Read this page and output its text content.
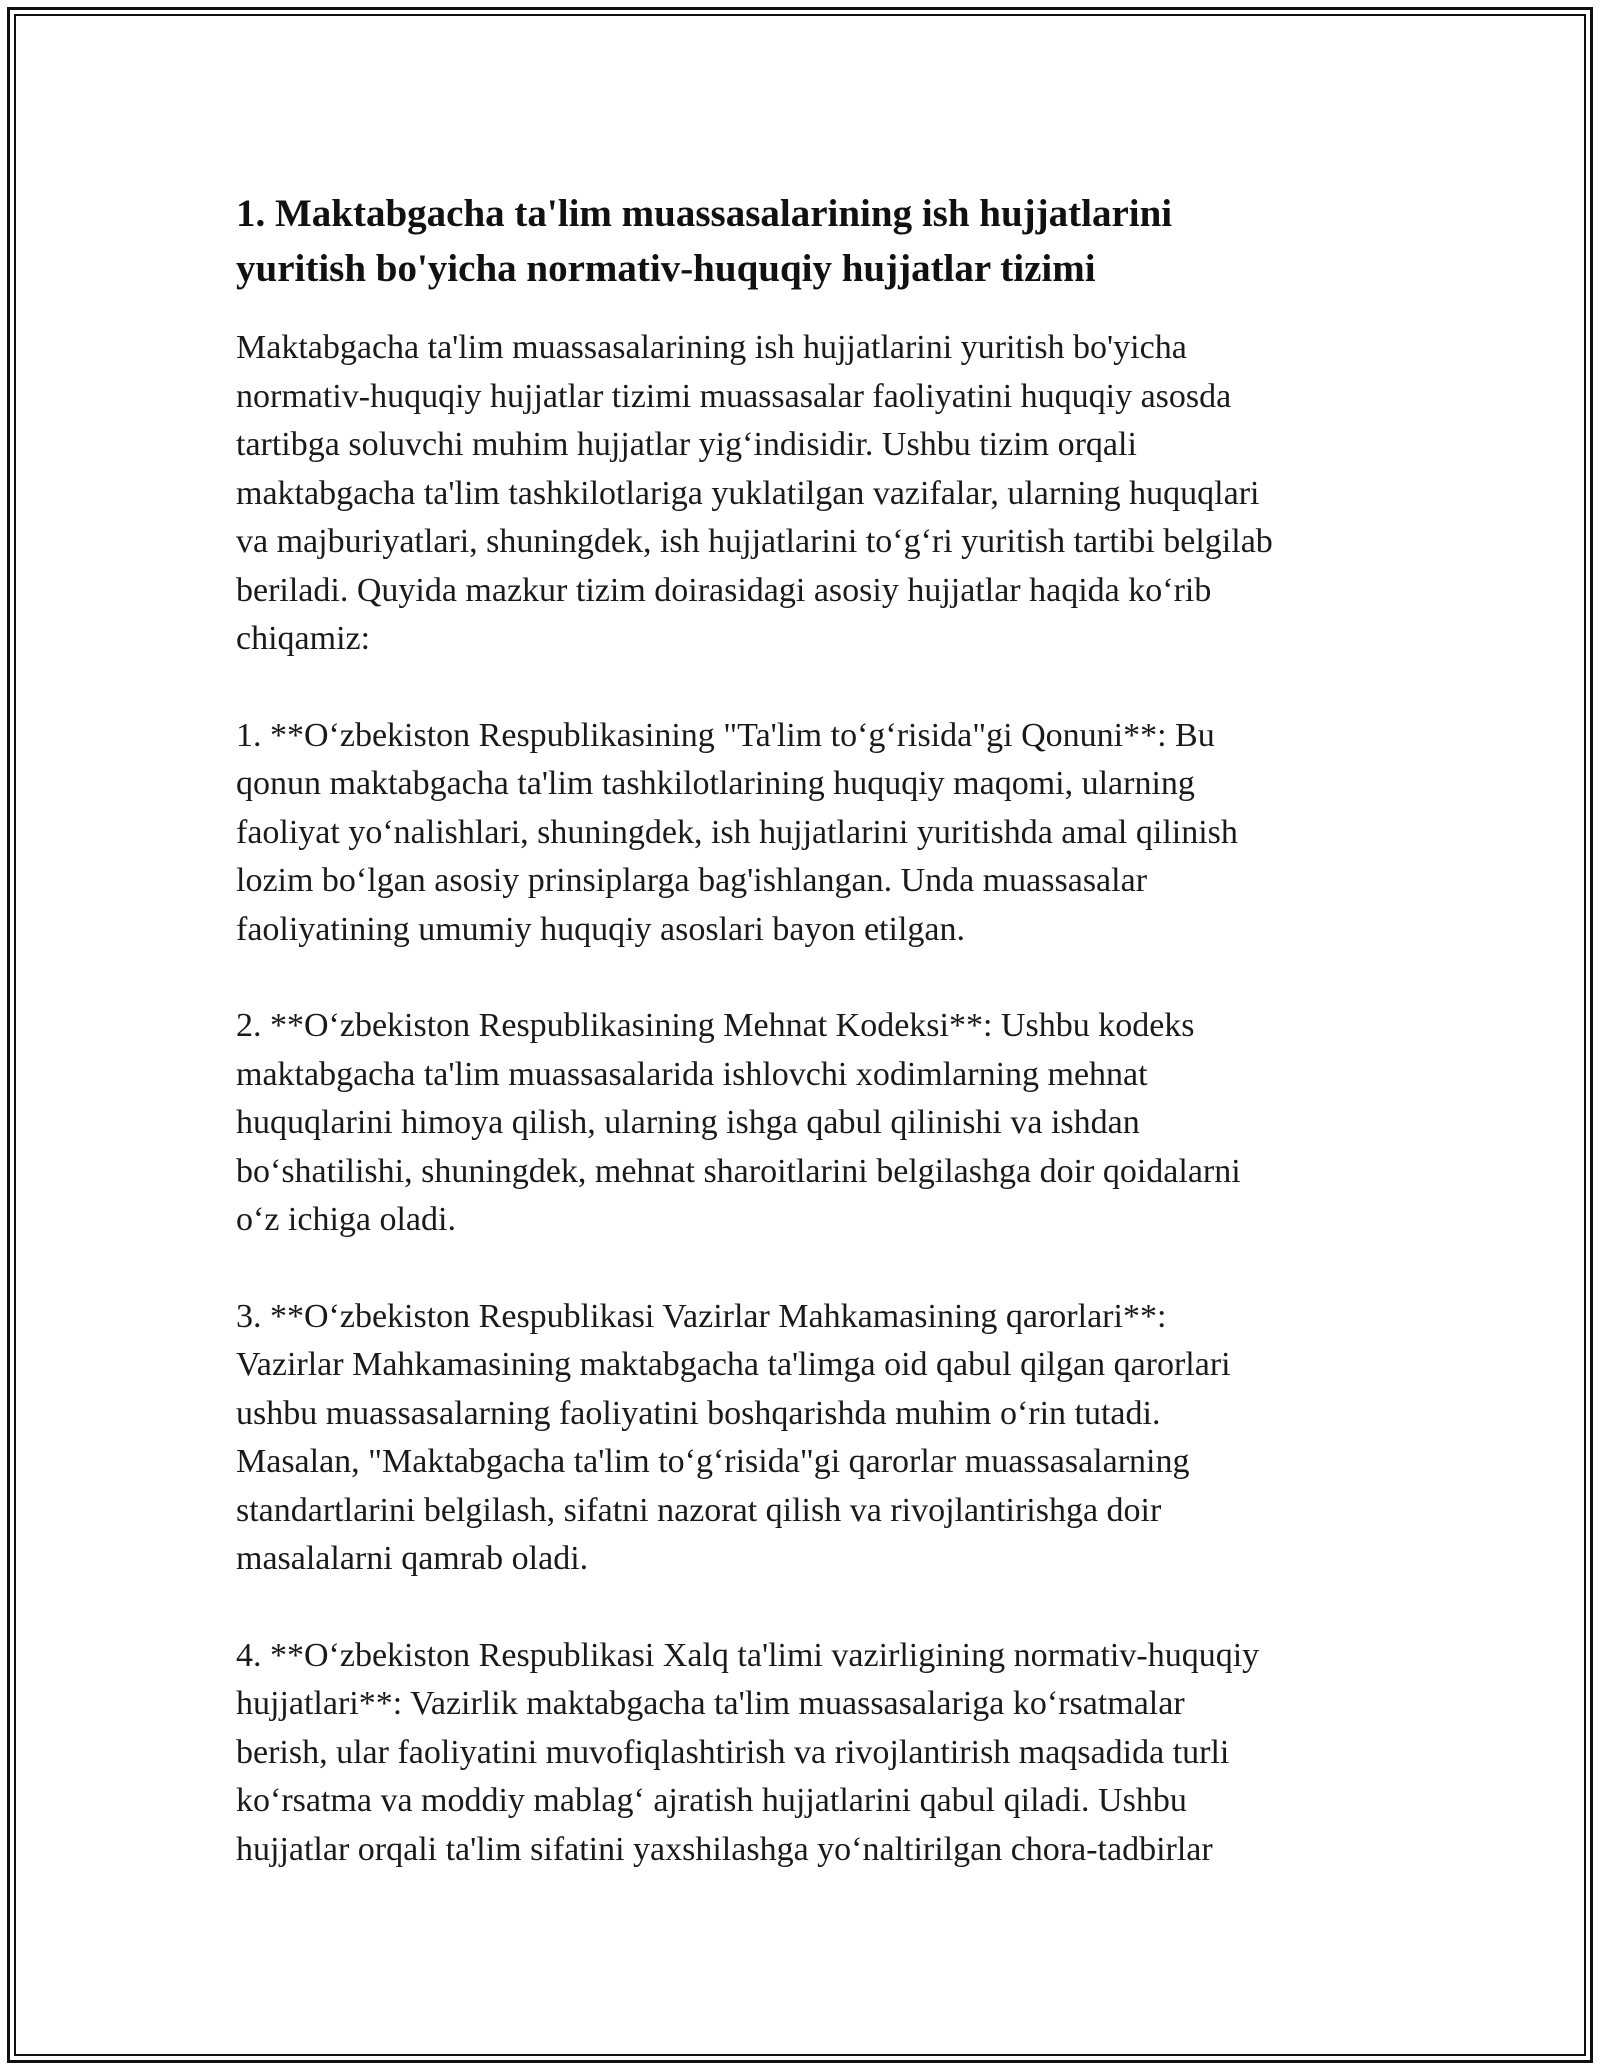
1. Maktabgacha ta'lim muassasalarining ish hujjatlarini
yuritish bo'yicha normativ-huquqiy hujjatlar tizimi
Maktabgacha ta'lim muassasalarining ish hujjatlarini yuritish bo'yicha
normativ-huquqiy hujjatlar tizimi muassasalar faoliyatini huquqiy asosda
tartibga soluvchi muhim hujjatlar yig‘indisidir. Ushbu tizim orqali
maktabgacha ta'lim tashkilotlariga yuklatilgan vazifalar, ularning huquqlari
va majburiyatlari, shuningdek, ish hujjatlarini to‘g‘ri yuritish tartibi belgilab
beriladi. Quyida mazkur tizim doirasidagi asosiy hujjatlar haqida ko‘rib
chiqamiz:
1. **O‘zbekiston Respublikasining "Ta'lim to‘g‘risida"gi Qonuni**: Bu
qonun maktabgacha ta'lim tashkilotlarining huquqiy maqomi, ularning
faoliyat yo‘nalishlari, shuningdek, ish hujjatlarini yuritishda amal qilinish
lozim bo‘lgan asosiy prinsiplarga bag'ishlangan. Unda muassasalar
faoliyatining umumiy huquqiy asoslari bayon etilgan.
2. **O‘zbekiston Respublikasining Mehnat Kodeksi**: Ushbu kodeks
maktabgacha ta'lim muassasalarida ishlovchi xodimlarning mehnat
huquqlarini himoya qilish, ularning ishga qabul qilinishi va ishdan
bo‘shatilishi, shuningdek, mehnat sharoitlarini belgilashga doir qoidalarni
o‘z ichiga oladi.
3. **O‘zbekiston Respublikasi Vazirlar Mahkamasining qarorlari**:
Vazirlar Mahkamasining maktabgacha ta'limga oid qabul qilgan qarorlari
ushbu muassasalarning faoliyatini boshqarishda muhim o‘rin tutadi.
Masalan, "Maktabgacha ta'lim to‘g‘risida"gi qarorlar muassasalarning
standartlarini belgilash, sifatni nazorat qilish va rivojlantirishga doir
masalalarni qamrab oladi.
4. **O‘zbekiston Respublikasi Xalq ta'limi vazirligining normativ-huquqiy
hujjatlari**: Vazirlik maktabgacha ta'lim muassasalariga ko‘rsatmalar
berish, ular faoliyatini muvofiqlashtirish va rivojlantirish maqsadida turli
ko‘rsatma va moddiy mablag‘ ajratish hujjatlarini qabul qiladi. Ushbu
hujjatlar orqali ta'lim sifatini yaxshilashga yo‘naltirilgan chora-tadbirlar
